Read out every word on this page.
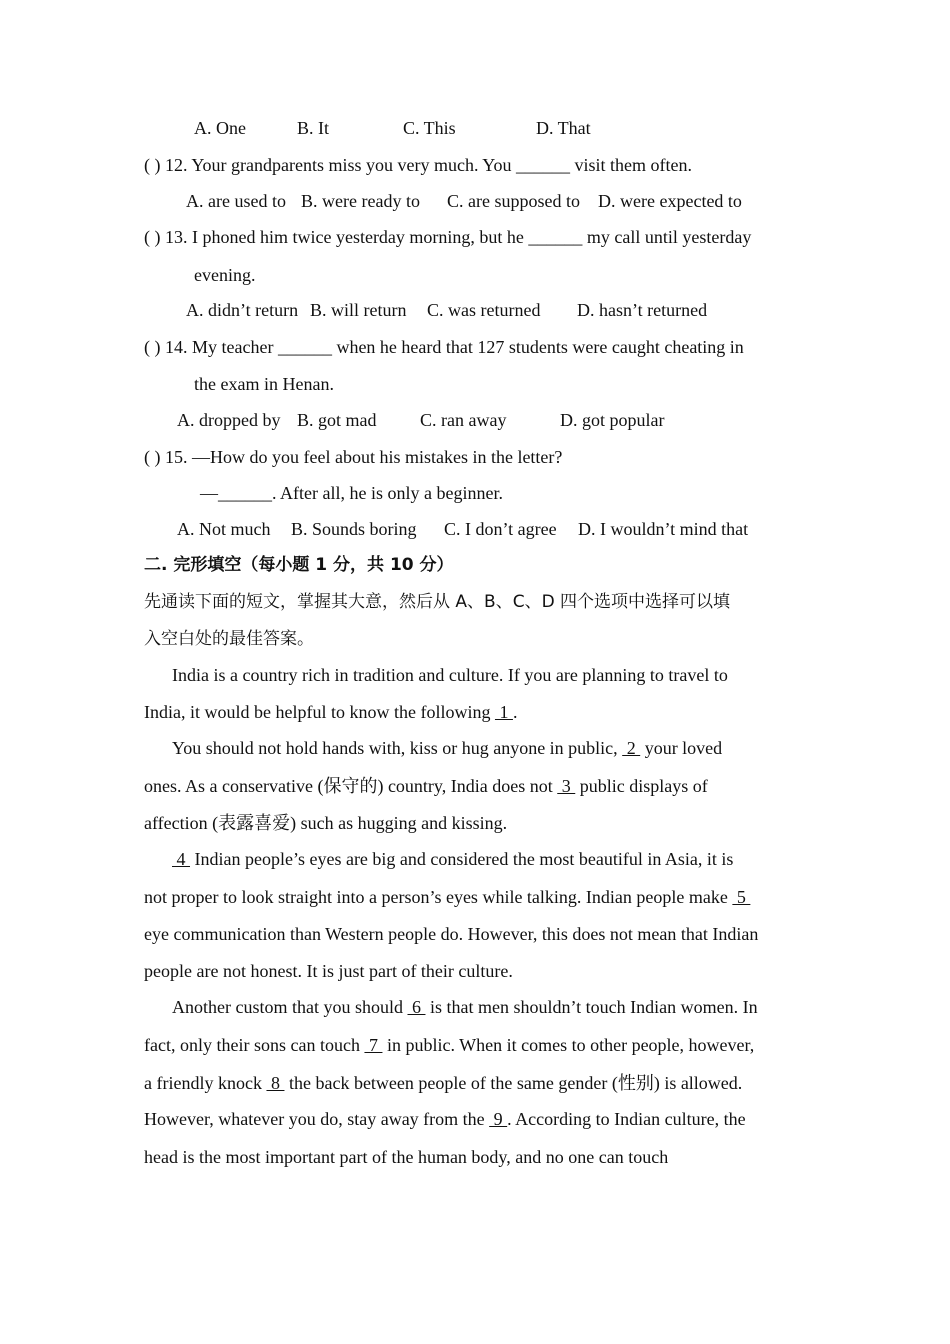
A. One	B. It	C. This	D. That
( ) 12. Your grandparents miss you very much. You ______ visit them often.
A. are used to B. were ready to C. are supposed to D. were expected to
( ) 13. I phoned him twice yesterday morning, but he ______ my call until yesterday
evening.
A. didn’t return B. will return C. was returned D. hasn’t returned
( ) 14. My teacher ______ when he heard that 127 students were caught cheating in
the exam in Henan.
A. dropped by B. got mad C. ran away	D. got popular
( ) 15. —How do you feel about his mistakes in the letter?
—______. After all, he is only a beginner.
A. Not much B. Sounds boring C. I don’t agree D. I wouldn’t mind that
二. 完形填空（每小题 1 分，共 10 分）
先通读下面的短文，掌握其大意，然后从 A、B、C、D 四个选项中选择可以填
入空白处的最佳答案。
India is a country rich in tradition and culture. If you are planning to travel to
India, it would be helpful to know the following  1 .
You should not hold hands with, kiss or hug anyone in public,  2  your loved
ones. As a conservative (保守的) country, India does not  3  public displays of
affection (表露喜爱) such as hugging and kissing.
4  Indian people’s eyes are big and considered the most beautiful in Asia, it is
not proper to look straight into a person’s eyes while talking. Indian people make  5
eye communication than Western people do. However, this does not mean that Indian
people are not honest. It is just part of their culture.
Another custom that you should  6  is that men shouldn’t touch Indian women. In
fact, only their sons can touch  7  in public. When it comes to other people, however,
a friendly knock  8  the back between people of the same gender (性别) is allowed.
However, whatever you do, stay away from the  9 . According to Indian culture, the
head is the most important part of the human body, and no one can touch
